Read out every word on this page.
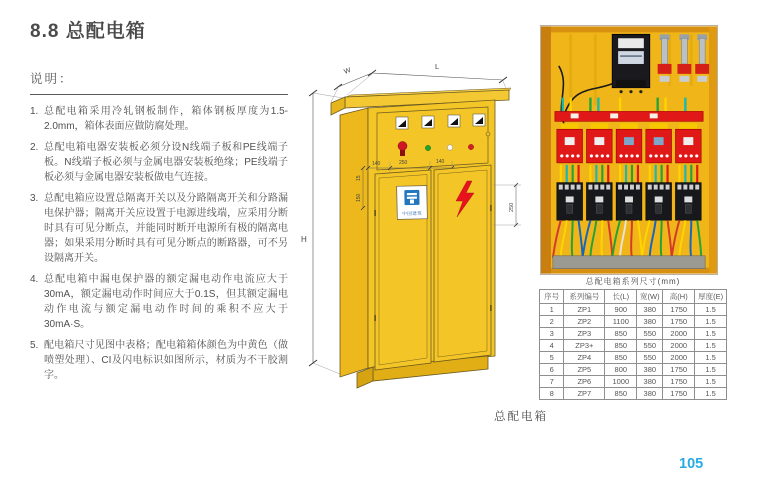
8.8 总配电箱
说明：
1. 总配电箱采用冷轧钢板制作，箱体钢板厚度为1.5-2.0mm，箱体表面应做防腐处理。
2. 总配电箱电器安装板必须分设N线端子板和PE线端子板。N线端子板必须与金属电器安装板绝缘；PE线端子板必须与金属电器安装板做电气连接。
3. 总配电箱应设置总隔离开关以及分路隔离开关和分路漏电保护器；隔离开关应设置于电源进线端，应采用分断时具有可见分断点，并能同时断开电源所有极的隔离电器；如果采用分断时具有可见分断点的断路器，可不另设隔离开关。
4. 总配电箱中漏电保护器的额定漏电动作电流应大于30mA，额定漏电动作时间应大于0.1S，但其额定漏电动作电流与额定漏电动作时间的乘积不应大于30mA·S。
5. 配电箱尺寸见图中表格；配电箱箱体颜色为中黄色（做喷塑处理）、CI及闪电标识如图所示，材质为不干胶割字。
H
W
L
140	250	140
15
150
中国建筑
250
总配电箱系列尺寸(mm)
序号	系列编号	长(L)	宽(W)	高(H)	厚度(E)
1	ZP1	900	380	1750	1.5
2	ZP2	1100	380	1750	1.5
3	ZP3	850	550	2000	1.5
4	ZP3+	850	550	2000	1.5
5	ZP4	850	550	2000	1.5
6	ZP5	800	380	1750	1.5
7	ZP6	1000	380	1750	1.5
8	ZP7	850	380	1750	1.5
总配电箱
105
